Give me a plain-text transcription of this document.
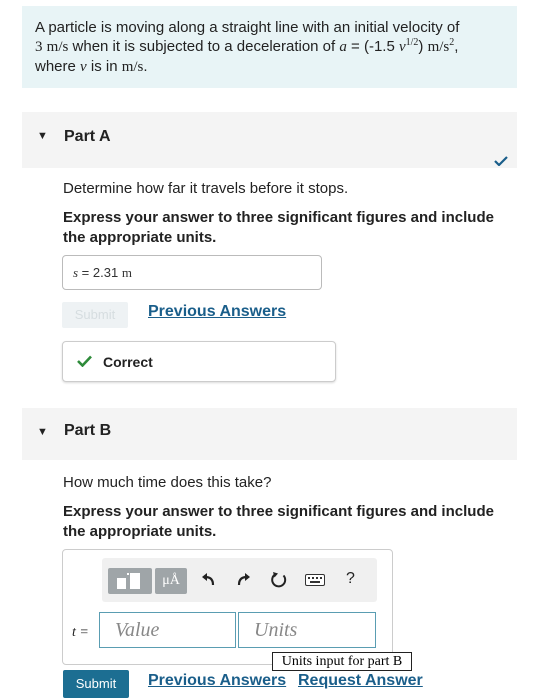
A particle is moving along a straight line with an initial velocity of
3 m/s when it is subjected to a deceleration of a = (-1.5 $v^{1/2}$) $m/s^2$,
where v is in m/s.
▼ Part A
Determine how far it travels before it stops.
Express your answer to three significant figures and include the appropriate units.
s = 2.31 m
Submit	Previous Answers
Correct
▼ Part B
How much time does this take?
Express your answer to three significant figures and include the appropriate units.
μÅ	?
t =	Value	Units
Units input for part B
Submit	Previous Answers Request Answer
